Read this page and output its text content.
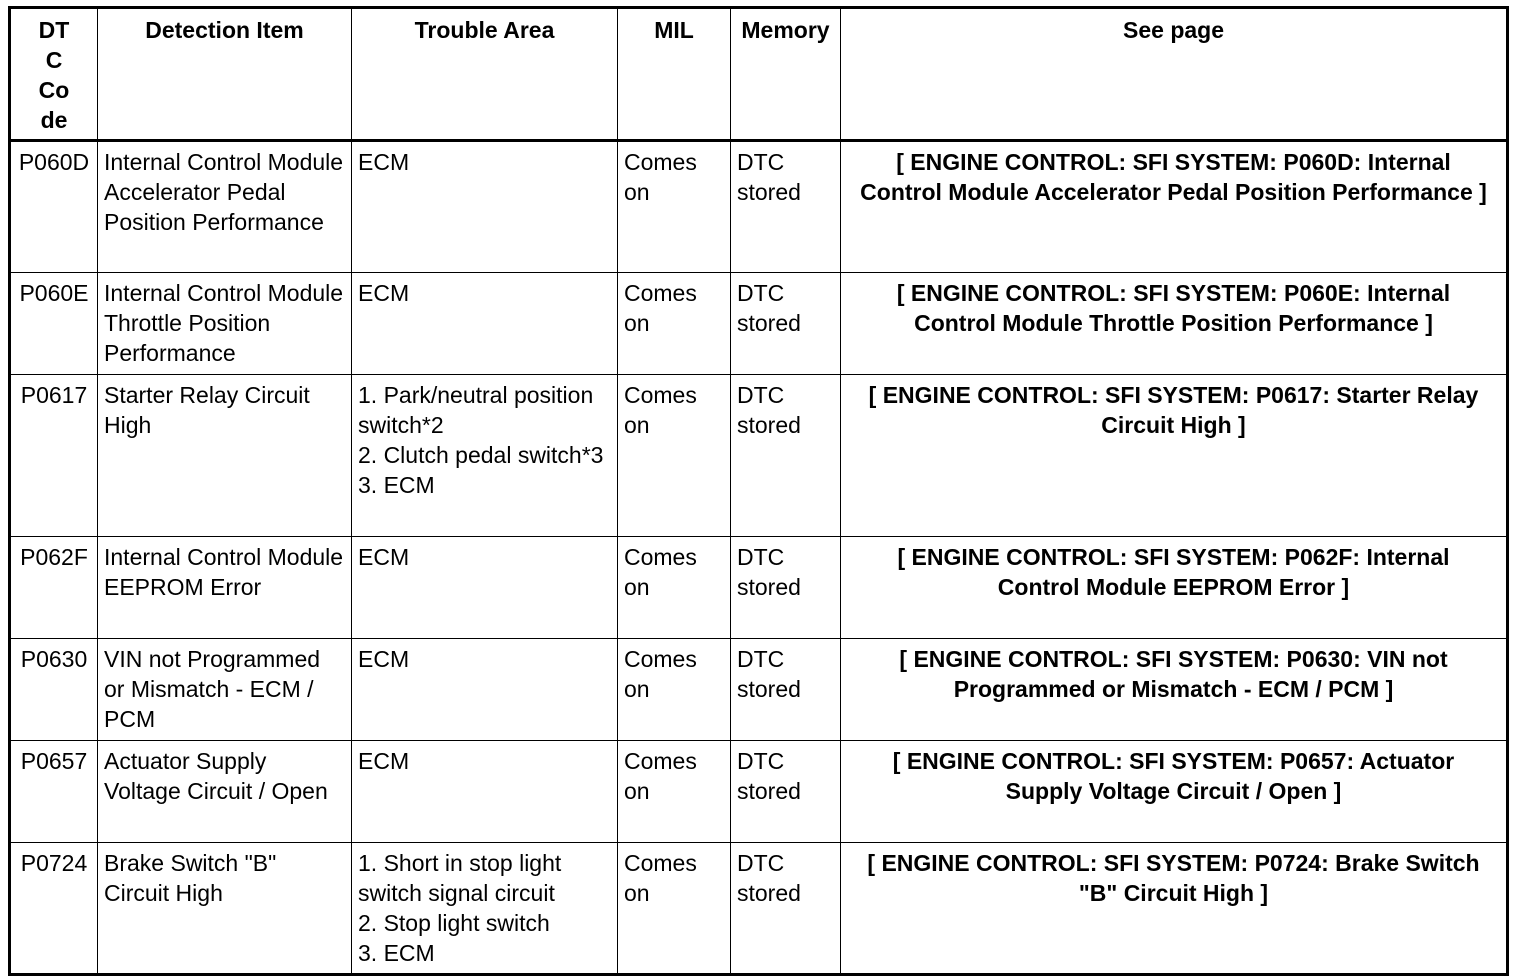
DTC Code	Detection Item	Trouble Area	MIL	Memory	See page
P060D	Internal Control Module Accelerator Pedal Position Performance	ECM	Comes on	DTC stored	[ ENGINE CONTROL: SFI SYSTEM: P060D: Internal Control Module Accelerator Pedal Position Performance ]
P060E	Internal Control Module Throttle Position Performance	ECM	Comes on	DTC stored	[ ENGINE CONTROL: SFI SYSTEM: P060E: Internal Control Module Throttle Position Performance ]
P0617	Starter Relay Circuit High	1. Park/neutral position switch*2
2. Clutch pedal switch*3
3. ECM	Comes on	DTC stored	[ ENGINE CONTROL: SFI SYSTEM: P0617: Starter Relay Circuit High ]
P062F	Internal Control Module EEPROM Error	ECM	Comes on	DTC stored	[ ENGINE CONTROL: SFI SYSTEM: P062F: Internal Control Module EEPROM Error ]
P0630	VIN not Programmed or Mismatch - ECM / PCM	ECM	Comes on	DTC stored	[ ENGINE CONTROL: SFI SYSTEM: P0630: VIN not Programmed or Mismatch - ECM / PCM ]
P0657	Actuator Supply Voltage Circuit / Open	ECM	Comes on	DTC stored	[ ENGINE CONTROL: SFI SYSTEM: P0657: Actuator Supply Voltage Circuit / Open ]
P0724	Brake Switch "B" Circuit High	1. Short in stop light switch signal circuit
2. Stop light switch
3. ECM	Comes on	DTC stored	[ ENGINE CONTROL: SFI SYSTEM: P0724: Brake Switch "B" Circuit High ]
